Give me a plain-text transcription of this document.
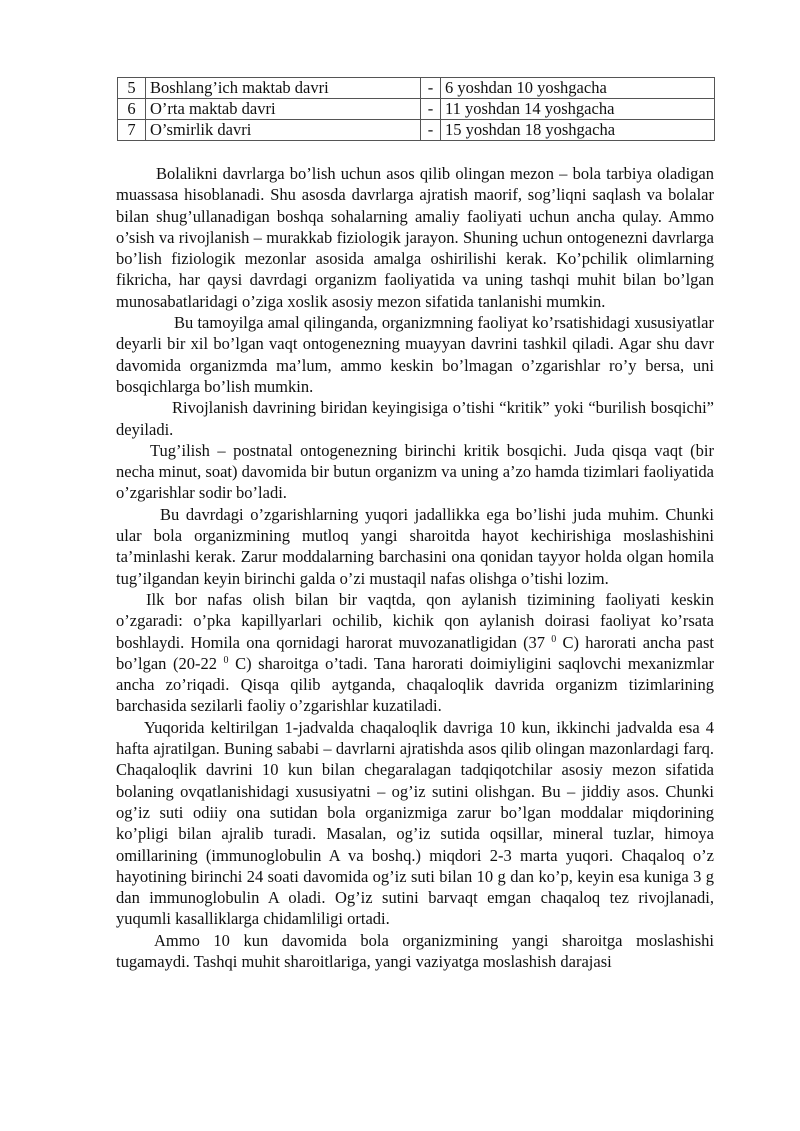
5	Boshlang’ich maktab davri	-	6 yoshdan 10 yoshgacha
6	O’rta maktab davri	-	11 yoshdan 14 yoshgacha
7	O’smirlik davri	-	15 yoshdan 18 yoshgacha

Bolalikni davrlarga bo’lish uchun asos qilib olingan mezon – bola tarbiya oladigan muassasa hisoblanadi. Shu asosda davrlarga ajratish maorif, sog’liqni saqlash va bolalar bilan shug’ullanadigan boshqa sohalarning amaliy faoliyati uchun ancha qulay. Ammo o’sish va rivojlanish – murakkab fiziologik jarayon. Shuning uchun ontogenezni davrlarga bo’lish fiziologik mezonlar asosida amalga oshirilishi kerak. Ko’pchilik olimlarning fikricha, har qaysi davrdagi organizm faoliyatida va uning tashqi muhit bilan bo’lgan munosabatlaridagi o’ziga xoslik asosiy mezon sifatida tanlanishi mumkin.

Bu tamoyilga amal qilinganda, organizmning faoliyat ko’rsatishidagi xususiyatlar deyarli bir xil bo’lgan vaqt ontogenezning muayyan davrini tashkil qiladi. Agar shu davr davomida organizmda ma’lum, ammo keskin bo’lmagan o’zgarishlar ro’y bersa, uni bosqichlarga bo’lish mumkin.

Rivojlanish davrining biridan keyingisiga o’tishi “kritik” yoki “burilish bosqichi” deyiladi.

Tug’ilish – postnatal ontogenezning birinchi kritik bosqichi. Juda qisqa vaqt (bir necha minut, soat) davomida bir butun organizm va uning a’zo hamda tizimlari faoliyatida o’zgarishlar sodir bo’ladi.

Bu davrdagi o’zgarishlarning yuqori jadallikka ega bo’lishi juda muhim. Chunki ular bola organizmining mutloq yangi sharoitda hayot kechirishiga moslashishini ta’minlashi kerak. Zarur moddalarning barchasini ona qonidan tayyor holda olgan homila tug’ilgandan keyin birinchi galda o’zi mustaqil nafas olishga o’tishi lozim.

Ilk bor nafas olish bilan bir vaqtda, qon aylanish tizimining faoliyati keskin o’zgaradi: o’pka kapillyarlari ochilib, kichik qon aylanish doirasi faoliyat ko’rsata boshlaydi. Homila ona qornidagi harorat muvozanatligidan (37 $^0$ C) harorati ancha past bo’lgan (20-22 $^0$ C) sharoitga o’tadi. Tana harorati doimiyligini saqlovchi mexanizmlar ancha zo’riqadi. Qisqa qilib aytganda, chaqaloqlik davrida organizm tizimlarining barchasida sezilarli faoliy o’zgarishlar kuzatiladi.

Yuqorida keltirilgan 1-jadvalda chaqaloqlik davriga 10 kun, ikkinchi jadvalda esa 4 hafta ajratilgan. Buning sababi – davrlarni ajratishda asos qilib olingan mazonlardagi farq. Chaqaloqlik davrini 10 kun bilan chegaralagan tadqiqotchilar asosiy mezon sifatida bolaning ovqatlanishidagi xususiyatni – og’iz sutini olishgan. Bu – jiddiy asos. Chunki og’iz suti odiiy ona sutidan bola organizmiga zarur bo’lgan moddalar miqdorining ko’pligi bilan ajralib turadi. Masalan, og’iz sutida oqsillar, mineral tuzlar, himoya omillarining (immunoglobulin A va boshq.) miqdori 2-3 marta yuqori. Chaqaloq o’z hayotining birinchi 24 soati davomida og’iz suti bilan 10 g dan ko’p, keyin esa kuniga 3 g dan immunoglobulin A oladi. Og’iz sutini barvaqt emgan chaqaloq tez rivojlanadi, yuqumli kasalliklarga chidamliligi ortadi.

Ammo 10 kun davomida bola organizmining yangi sharoitga moslashishi tugamaydi. Tashqi muhit sharoitlariga, yangi vaziyatga moslashish darajasi
